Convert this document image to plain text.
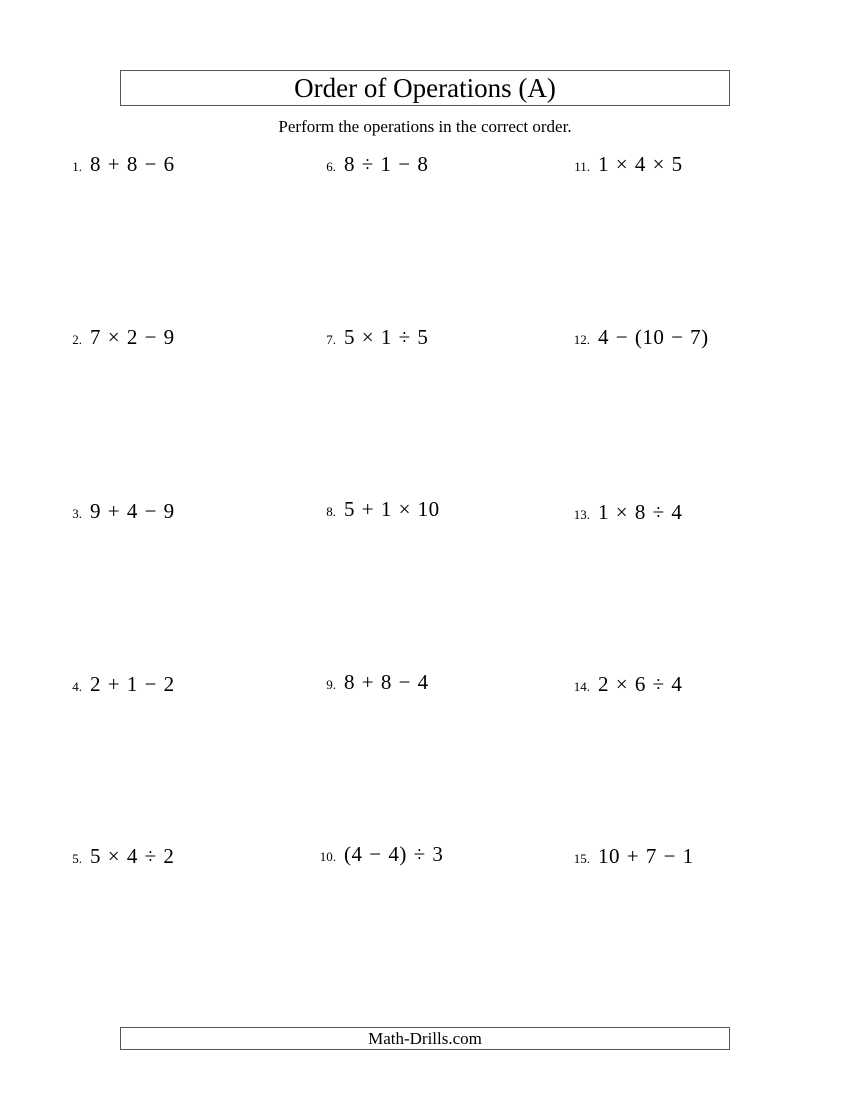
Order of Operations (A)
Perform the operations in the correct order.
1. 8 + 8 − 6
2. 7 × 2 − 9
3. 9 + 4 − 9
4. 2 + 1 − 2
5. 5 × 4 ÷ 2
6. 8 ÷ 1 − 8
7. 5 × 1 ÷ 5
8. 5 + 1 × 10
9. 8 + 8 − 4
10. (4 − 4) ÷ 3
11. 1 × 4 × 5
12. 4 − (10 − 7)
13. 1 × 8 ÷ 4
14. 2 × 6 ÷ 4
15. 10 + 7 − 1
Math-Drills.com
